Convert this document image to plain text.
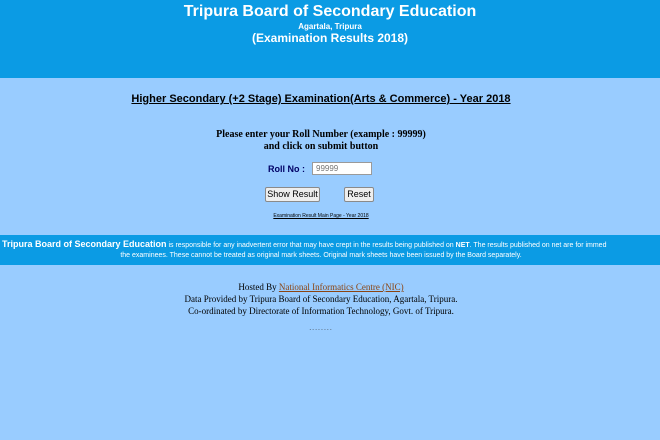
Tripura Board of Secondary Education
Agartala, Tripura
(Examination Results 2018)
Higher Secondary (+2 Stage) Examination(Arts & Commerce) - Year 2018
Please enter your Roll Number (example : 99999)
and click on submit button
Roll No :
99999
Show Result	Reset
Examination Result Main Page - Year 2018
Tripura Board of Secondary Education is responsible for any inadvertent error that may have crept in the results being published on NET. The results published on net are for immed
the examinees. These cannot be treated as original mark sheets. Original mark sheets have been issued by the Board separately.
Hosted By National Informatics Centre (NIC)
Data Provided by Tripura Board of Secondary Education, Agartala, Tripura.
Co-ordinated by Directorate of Information Technology, Govt. of Tripura.
........
